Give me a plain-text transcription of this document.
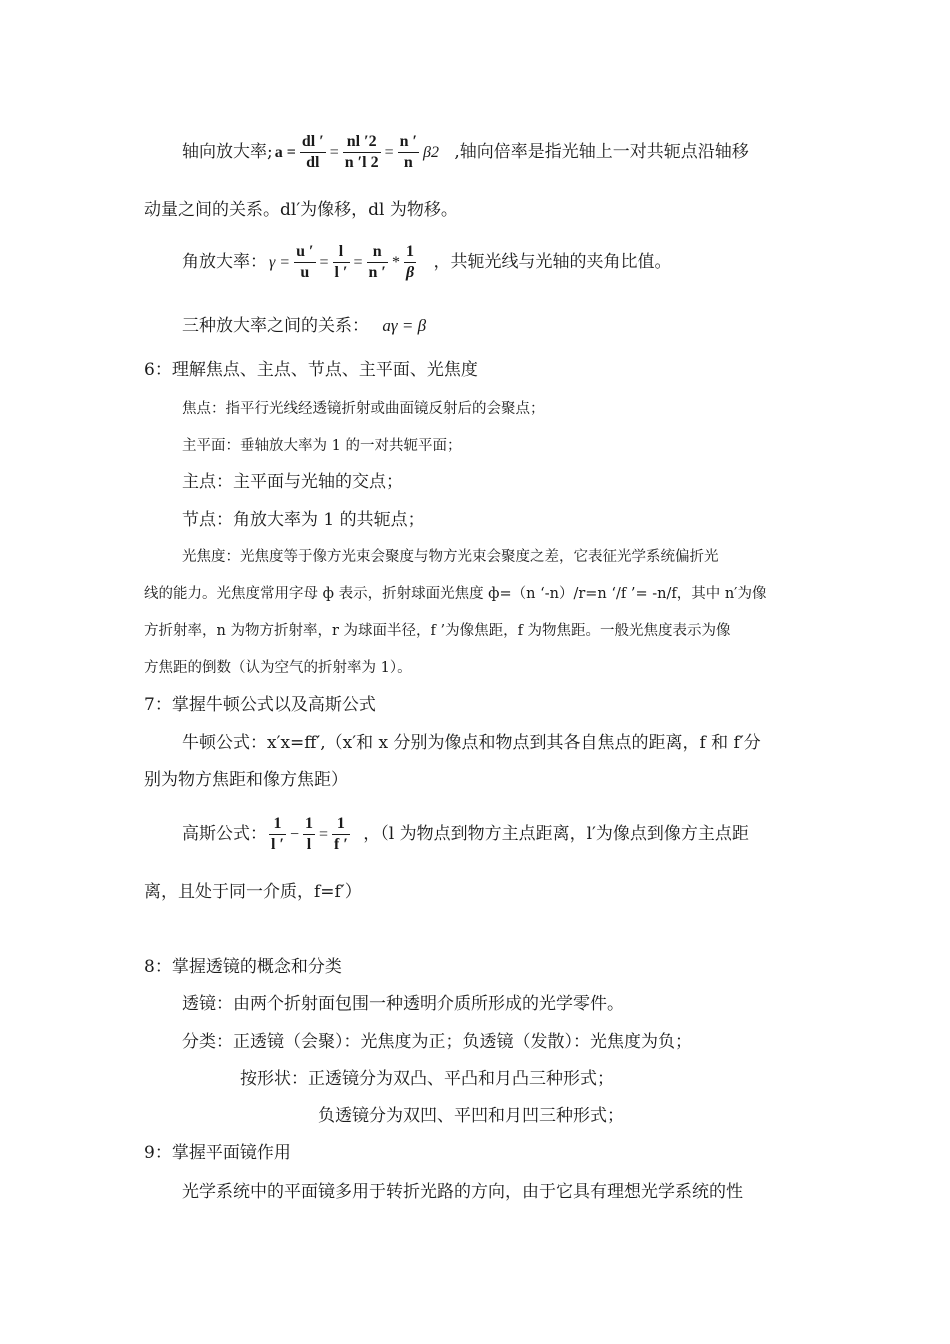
轴向放大率; $a = \frac{dl '}{dl} = \frac{nl '2}{n 'l 2} = \frac{n '}{n} \beta 2$ ,轴向倍率是指光轴上一对共轭点沿轴移
动量之间的关系。dl′为像移，dl 为物移。
角放大率： $\gamma = \frac{u '}{u} = \frac{l}{l '} = \frac{n}{n '} * \frac{1}{\beta}$ ，共轭光线与光轴的夹角比值。
三种放大率之间的关系： aγ = β
6：理解焦点、主点、节点、主平面、光焦度
焦点：指平行光线经透镜折射或曲面镜反射后的会聚点；
主平面：垂轴放大率为 1 的一对共轭平面；
主点：主平面与光轴的交点；
节点：角放大率为 1 的共轭点；
光焦度：光焦度等于像方光束会聚度与物方光束会聚度之差，它表征光学系统偏折光
线的能力。光焦度常用字母 ф 表示，折射球面光焦度 ф=（n ‘-n）/r=n ‘/f ’= -n/f，其中 n′为像
方折射率，n 为物方折射率，r 为球面半径，f ’为像焦距，f 为物焦距。一般光焦度表示为像
方焦距的倒数（认为空气的折射率为 1）。
7：掌握牛顿公式以及高斯公式
牛顿公式：x′x=ff′,（x′和 x 分别为像点和物点到其各自焦点的距离，f 和 f′分
别为物方焦距和像方焦距）
高斯公式： $\frac{1}{l '} - \frac{1}{l} = \frac{1}{f '}$ ，（l 为物点到物方主点距离，l′为像点到像方主点距
离，且处于同一介质，f=f′）
8：掌握透镜的概念和分类
透镜：由两个折射面包围一种透明介质所形成的光学零件。
分类：正透镜（会聚）：光焦度为正；负透镜（发散）：光焦度为负；
按形状：正透镜分为双凸、平凸和月凸三种形式；
负透镜分为双凹、平凹和月凹三种形式；
9：掌握平面镜作用
光学系统中的平面镜多用于转折光路的方向，由于它具有理想光学系统的性
